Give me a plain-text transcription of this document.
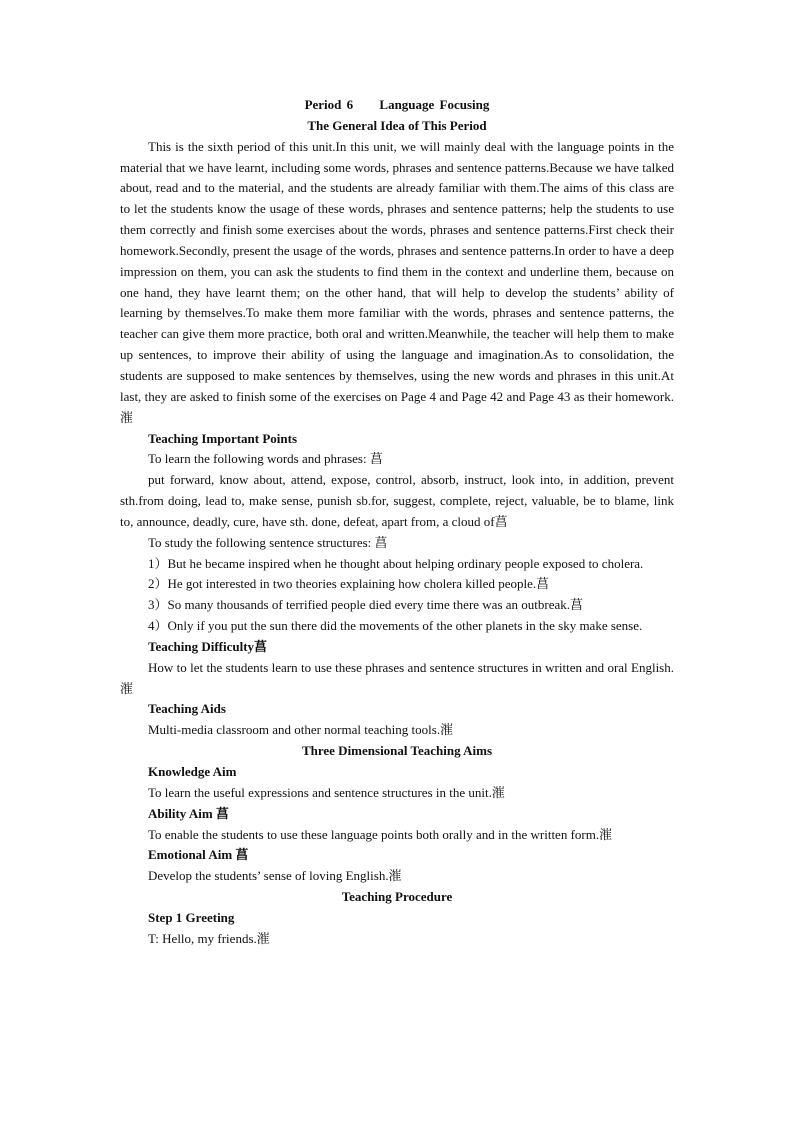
Period 6     Language Focusing
The General Idea of This Period

This is the sixth period of this unit.In this unit, we will mainly deal with the language points in the material that we have learnt, including some words, phrases and sentence patterns.Because we have talked about, read and to the material, and the students are already familiar with them.The aims of this class are to let the students know the usage of these words, phrases and sentence patterns; help the students to use them correctly and finish some exercises about the words, phrases and sentence patterns.First check their homework.Secondly, present the usage of the words, phrases and sentence patterns.In order to have a deep impression on them, you can ask the students to find them in the context and underline them, because on one hand, they have learnt them; on the other hand, that will help to develop the students’ ability of learning by themselves.To make them more familiar with the words, phrases and sentence patterns, the teacher can give them more practice, both oral and written.Meanwhile, the teacher will help them to make up sentences, to improve their ability of using the language and imagination.As to consolidation, the students are supposed to make sentences by themselves, using the new words and phrases in this unit.At last, they are asked to finish some of the exercises on Page 4 and Page 42 and Page 43 as their homework.漼

Teaching Important Points

To learn the following words and phrases: 菖

put forward, know about, attend, expose, control, absorb, instruct, look into, in addition, prevent sth.from doing, lead to, make sense, punish sb.for, suggest, complete, reject, valuable, be to blame, link to, announce, deadly, cure, have sth. done, defeat, apart from, a cloud of菖

To study the following sentence structures: 菖

1）But he became inspired when he thought about helping ordinary people exposed to cholera.

2）He got interested in two theories explaining how cholera killed people.菖

3）So many thousands of terrified people died every time there was an outbreak.菖

4）Only if you put the sun there did the movements of the other planets in the sky make sense.

Teaching Difficulty菖

How to let the students learn to use these phrases and sentence structures in written and oral English.漼

Teaching Aids

Multi-media classroom and other normal teaching tools.漼

Three Dimensional Teaching Aims

Knowledge Aim

To learn the useful expressions and sentence structures in the unit.漼

Ability Aim 菖

To enable the students to use these language points both orally and in the written form.漼

Emotional Aim 菖

Develop the students’ sense of loving English.漼

Teaching Procedure

Step 1 Greeting

T: Hello, my friends.漼
